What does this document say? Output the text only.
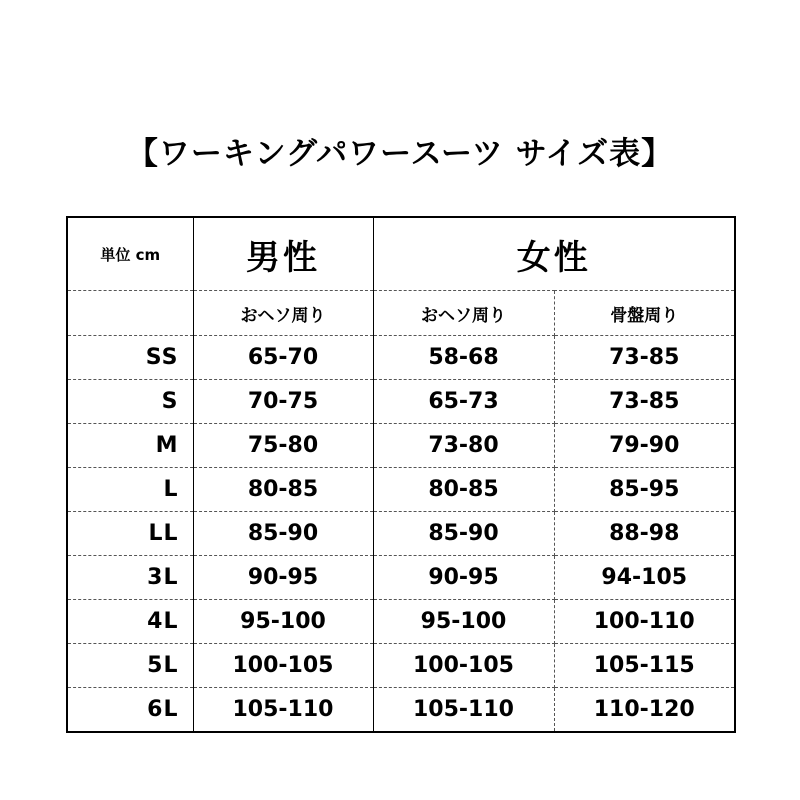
【ワーキングパワースーツ サイズ表】
単位 cm	男性	女性	
	おヘソ周り	おヘソ周り	骨盤周り
SS	65-70	58-68	73-85
S	70-75	65-73	73-85
M	75-80	73-80	79-90
L	80-85	80-85	85-95
LL	85-90	85-90	88-98
3L	90-95	90-95	94-105
4L	95-100	95-100	100-110
5L	100-105	100-105	105-115
6L	105-110	105-110	110-120
